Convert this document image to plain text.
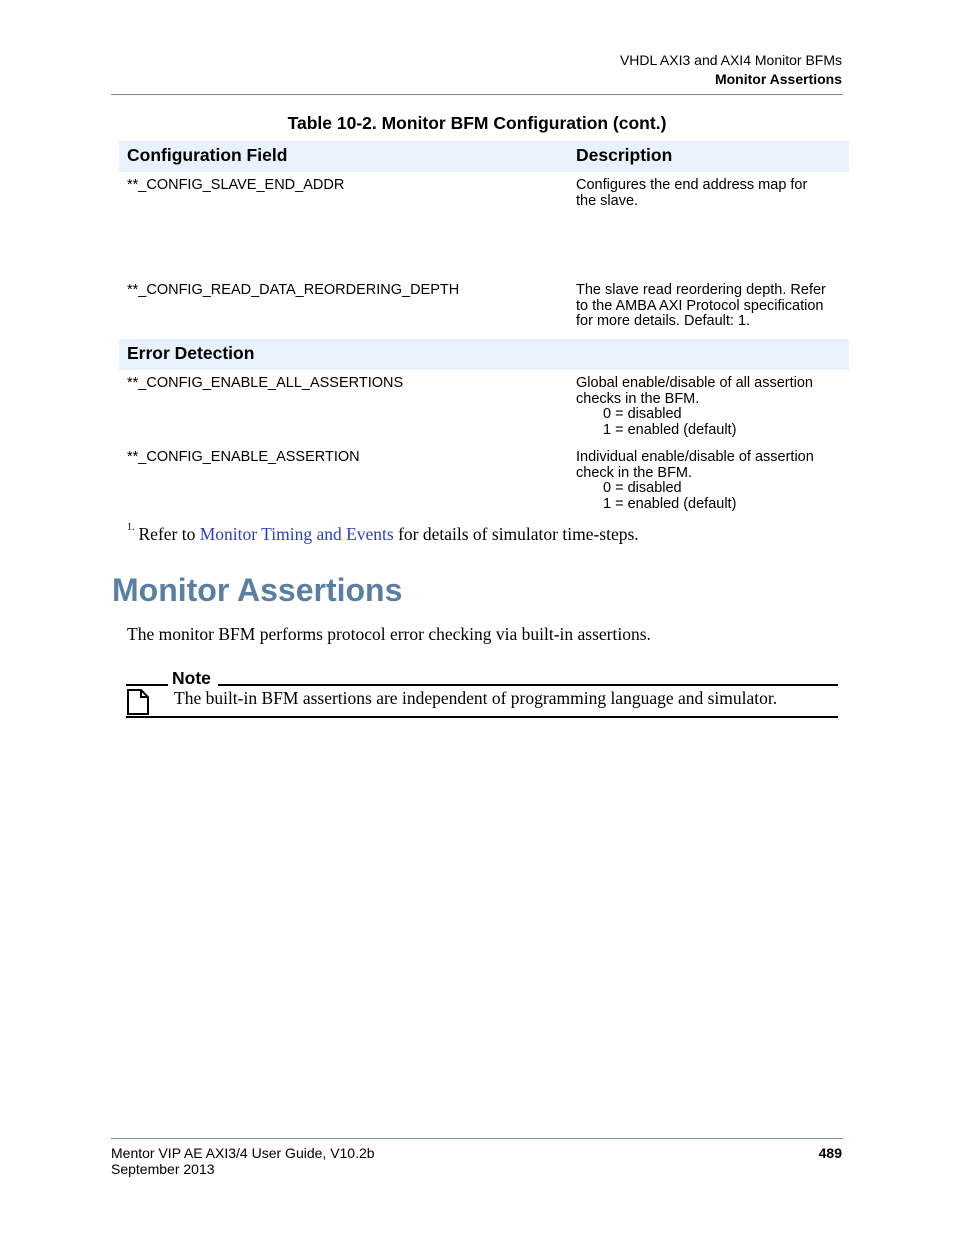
VHDL AXI3 and AXI4 Monitor BFMs
Monitor Assertions
Table 10-2. Monitor BFM Configuration (cont.)
Configuration Field	Description
**_CONFIG_SLAVE_END_ADDR	Configures the end address map for
the slave.
**_CONFIG_READ_DATA_REORDERING_DEPTH	The slave read reordering depth. Refer
to the AMBA AXI Protocol specification
for more details. Default: 1.
Error Detection
**_CONFIG_ENABLE_ALL_ASSERTIONS	Global enable/disable of all assertion
checks in the BFM.
0 = disabled
1 = enabled (default)
**_CONFIG_ENABLE_ASSERTION	Individual enable/disable of assertion
check in the BFM.
0 = disabled
1 = enabled (default)
$^{1.}$ Refer to Monitor Timing and Events for details of simulator time-steps.
Monitor Assertions
The monitor BFM performs protocol error checking via built-in assertions.
Note
The built-in BFM assertions are independent of programming language and simulator.
Mentor VIP AE AXI3/4 User Guide, V10.2b
September 2013
489
